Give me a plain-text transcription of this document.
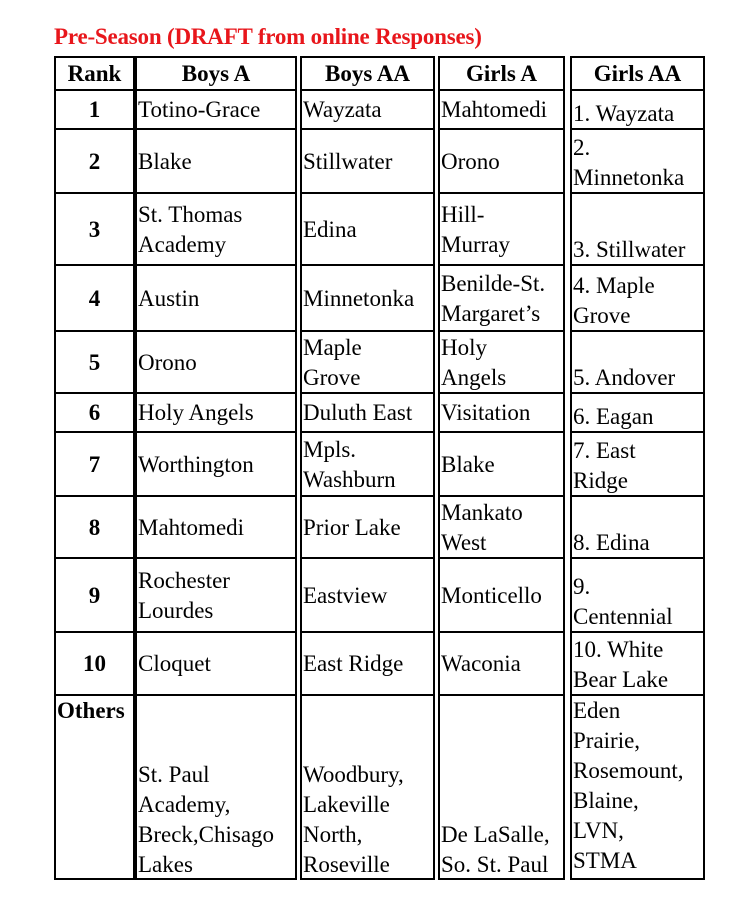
Pre-Season (DRAFT from online Responses)
Rank
1
2
3
4
5
6
7
8
9
10
Others
Boys A
Totino-Grace
Blake
St. Thomas
Academy
Austin
Orono
Holy Angels
Worthington
Mahtomedi
Rochester
Lourdes
Cloquet
St. Paul
Academy,
Breck,Chisago
Lakes
Boys AA
Wayzata
Stillwater
Edina
Minnetonka
Maple
Grove
Duluth East
Mpls.
Washburn
Prior Lake
Eastview
East Ridge
Woodbury,
Lakeville
North,
Roseville
Girls A
Mahtomedi
Orono
Hill-
Murray
Benilde-St.
Margaret’s
Holy
Angels
Visitation
Blake
Mankato
West
Monticello
Waconia
De LaSalle,
So. St. Paul
Girls AA
1. Wayzata
2.
Minnetonka
3. Stillwater
4. Maple
Grove
5. Andover
6. Eagan
7. East
Ridge
8. Edina
9.
Centennial
10. White
Bear Lake
Eden
Prairie,
Rosemount,
Blaine,
LVN,
STMA
